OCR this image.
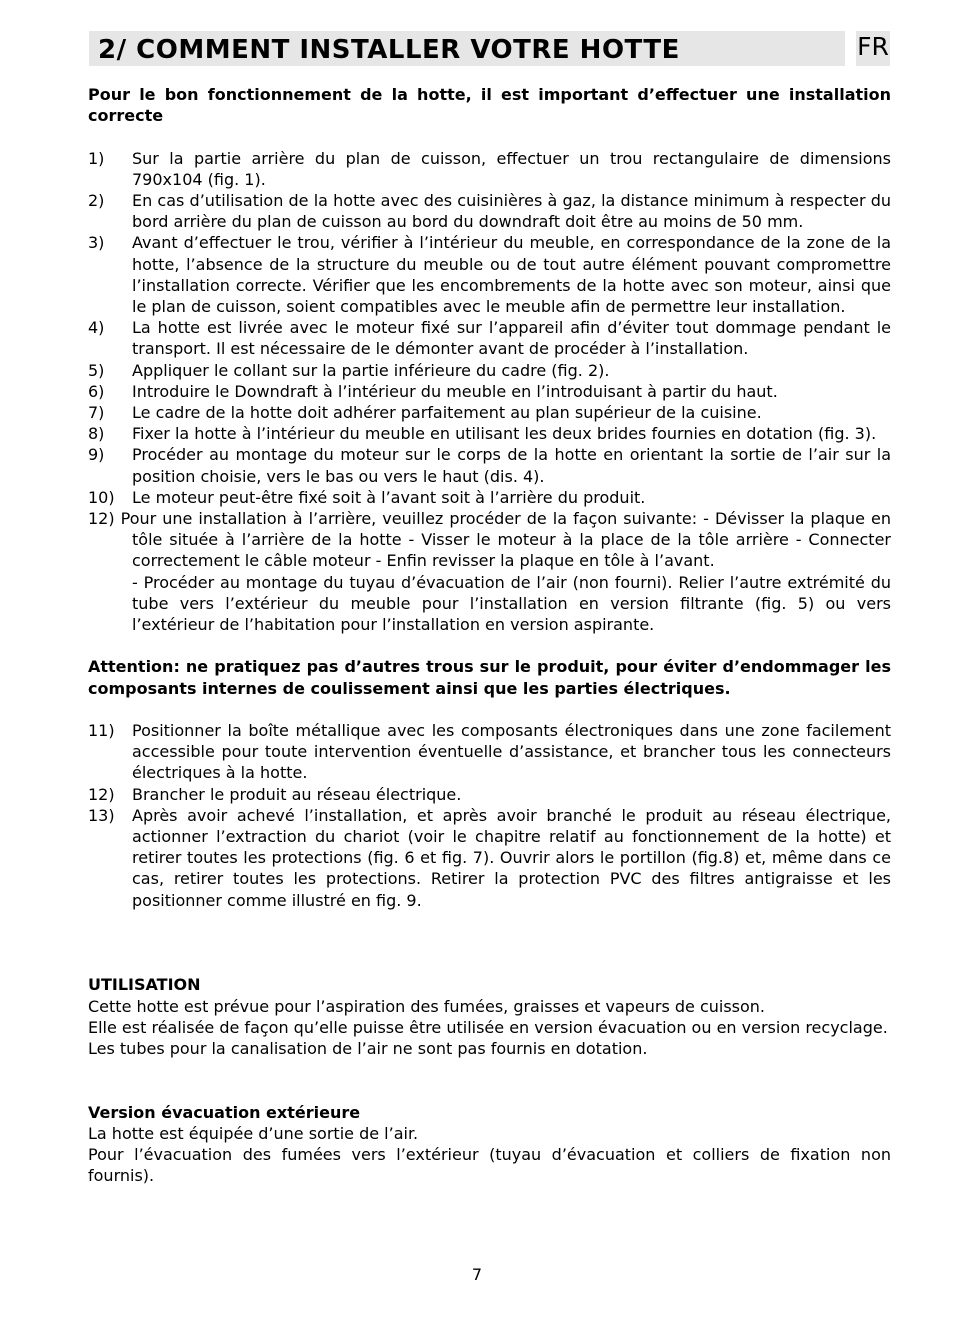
2/ COMMENT INSTALLER VOTRE HOTTE	FR

Pour le bon fonctionnement de la hotte, il est important d’effectuer une installation correcte

1)	Sur la partie arrière du plan de cuisson, effectuer un trou rectangulaire de dimensions 790x104 (fig. 1).
2)	En cas d’utilisation de la hotte avec des cuisinières à gaz, la distance minimum à respecter du bord arrière du plan de cuisson au bord du downdraft doit être au moins de 50 mm.
3)	Avant d’effectuer le trou, vérifier à l’intérieur du meuble, en correspondance de la zone de la hotte, l’absence de la structure du meuble ou de tout autre élément pouvant compromettre l’installation correcte. Vérifier que les encombrements de la hotte avec son moteur, ainsi que le plan de cuisson, soient compatibles avec le meuble afin de permettre leur installation.
4)	La hotte est livrée avec le moteur fixé sur l’appareil afin d’éviter tout dommage pendant le transport. Il est nécessaire de le démonter avant de procéder à l’installation.
5)	Appliquer le collant sur la partie inférieure du cadre (fig. 2).
6)	Introduire le Downdraft à l’intérieur du meuble en l’introduisant à partir du haut.
7)	Le cadre de la hotte doit adhérer parfaitement au plan supérieur de la cuisine.
8)	Fixer la hotte à l’intérieur du meuble en utilisant les deux brides fournies en dotation (fig. 3).
9)	Procéder au montage du moteur sur le corps de la hotte en orientant la sortie de l’air sur la position choisie, vers le bas ou vers le haut (dis. 4).
10)	Le moteur peut-être fixé soit à l’avant soit à l’arrière du produit.
12) Pour une installation à l’arrière, veuillez procéder de la façon suivante: - Dévisser la plaque en tôle située à l’arrière de la hotte - Visser le moteur à la place de la tôle arrière - Connecter correctement le câble moteur - Enfin revisser la plaque en tôle à l’avant.
- Procéder au montage du tuyau d’évacuation de l’air (non fourni). Relier l’autre extrémité du tube vers l’extérieur du meuble pour l’installation en version filtrante (fig. 5) ou vers l’extérieur de l’habitation pour l’installation en version aspirante.

Attention: ne pratiquez pas d’autres trous sur le produit, pour éviter d’endommager les composants internes de coulissement ainsi que les parties électriques.

11)	Positionner la boîte métallique avec les composants électroniques dans une zone facilement accessible pour toute intervention éventuelle d’assistance, et brancher tous les connecteurs électriques à la hotte.
12)	Brancher le produit au réseau électrique.
13)	Après avoir achevé l’installation, et après avoir branché le produit au réseau électrique, actionner l’extraction du chariot (voir le chapitre relatif au fonctionnement de la hotte) et retirer toutes les protections (fig. 6 et fig. 7). Ouvrir alors le portillon (fig.8) et, même dans ce cas, retirer toutes les protections. Retirer la protection PVC des filtres antigraisse et les positionner comme illustré en fig. 9.

UTILISATION

Cette hotte est prévue pour l’aspiration des fumées, graisses et vapeurs de cuisson.

Elle est réalisée de façon qu’elle puisse être utilisée en version évacuation ou en version recyclage.

Les tubes pour la canalisation de l’air ne sont pas fournis en dotation.

Version évacuation extérieure

La hotte est équipée d’une sortie de l’air.

Pour l’évacuation des fumées vers l’extérieur (tuyau d’évacuation et colliers de fixation non fournis).

7
